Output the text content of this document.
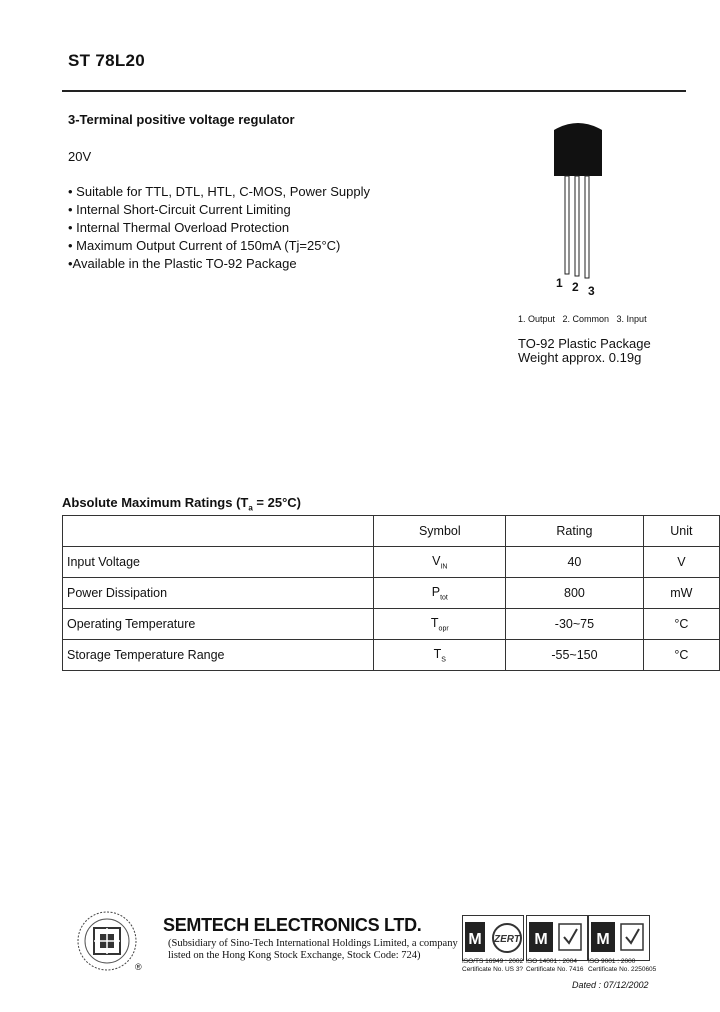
ST 78L20
3-Terminal positive voltage regulator
20V
• Suitable for TTL, DTL, HTL, C-MOS, Power Supply
• Internal Short-Circuit Current Limiting
• Internal Thermal Overload Protection
• Maximum Output Current of 150mA (Tj=25°C)
•Available in the Plastic TO-92 Package
1 2 3
1. Output   2. Common   3. Input
TO-92 Plastic Package
Weight approx. 0.19g
Absolute Maximum Ratings $(T_a = 25^\circ C)$
	Symbol	Rating	Unit
Input Voltage	$V_{IN}$	40	V
Power Dissipation	$P_{tot}$	800	mW
Operating Temperature	$T_{opr}$	-30~75	°C
Storage Temperature Range	$T_S$	-55~150	°C
®
SEMTECH ELECTRONICS LTD.
(Subsidiary of Sino-Tech International Holdings Limited, a company
listed on the Hong Kong Stock Exchange, Stock Code: 724)
M ZERT M	M
ISO/TS 16949 : 2002
Certificate No. US 3?
ISO 14001 : 2004
Certificate No. 7416
ISO 9001 : 2000
Certificate No. 2250605
Dated : 07/12/2002
